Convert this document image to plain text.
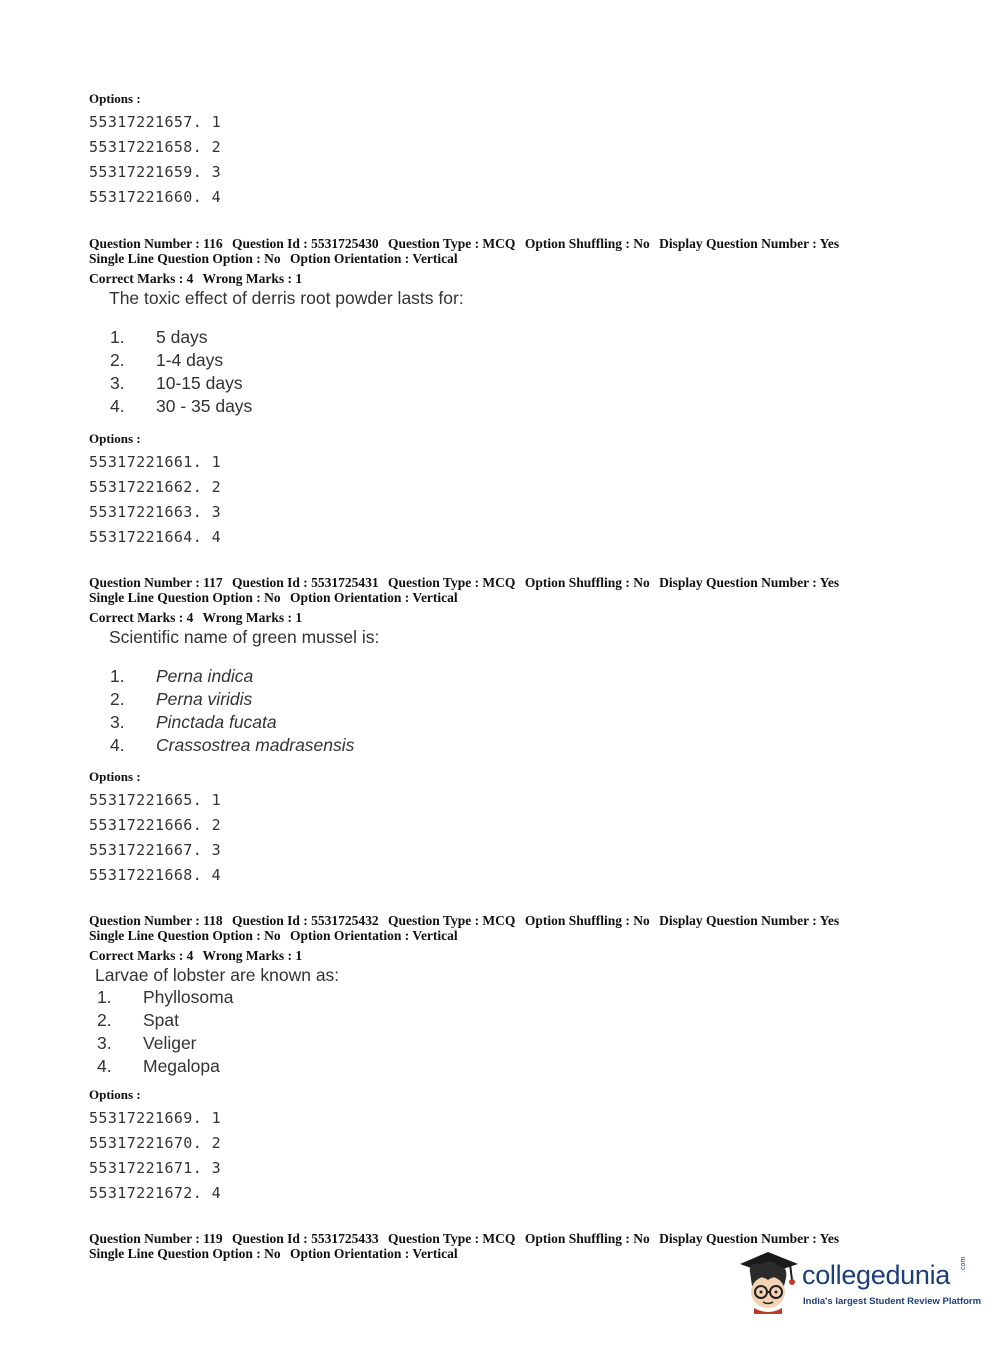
Options :
55317221657. 1
55317221658. 2
55317221659. 3
55317221660. 4
Question Number : 116 Question Id : 5531725430 Question Type : MCQ Option Shuffling : No Display Question Number : Yes
Single Line Question Option : No Option Orientation : Vertical
Correct Marks : 4 Wrong Marks : 1
The toxic effect of derris root powder lasts for:
1.	5 days
2.	1-4 days
3.	10-15 days
4.	30 - 35 days
Options :
55317221661. 1
55317221662. 2
55317221663. 3
55317221664. 4
Question Number : 117 Question Id : 5531725431 Question Type : MCQ Option Shuffling : No Display Question Number : Yes
Single Line Question Option : No Option Orientation : Vertical
Correct Marks : 4 Wrong Marks : 1
Scientific name of green mussel is:
1.	Perna indica
2.	Perna viridis
3.	Pinctada fucata
4.	Crassostrea madrasensis
Options :
55317221665. 1
55317221666. 2
55317221667. 3
55317221668. 4
Question Number : 118 Question Id : 5531725432 Question Type : MCQ Option Shuffling : No Display Question Number : Yes
Single Line Question Option : No Option Orientation : Vertical
Correct Marks : 4 Wrong Marks : 1
Larvae of lobster are known as:
1.	Phyllosoma
2.	Spat
3.	Veliger
4.	Megalopa
Options :
55317221669. 1
55317221670. 2
55317221671. 3
55317221672. 4
Question Number : 119 Question Id : 5531725433 Question Type : MCQ Option Shuffling : No Display Question Number : Yes
Single Line Question Option : No Option Orientation : Vertical
collegedunia .com
India's largest Student Review Platform
